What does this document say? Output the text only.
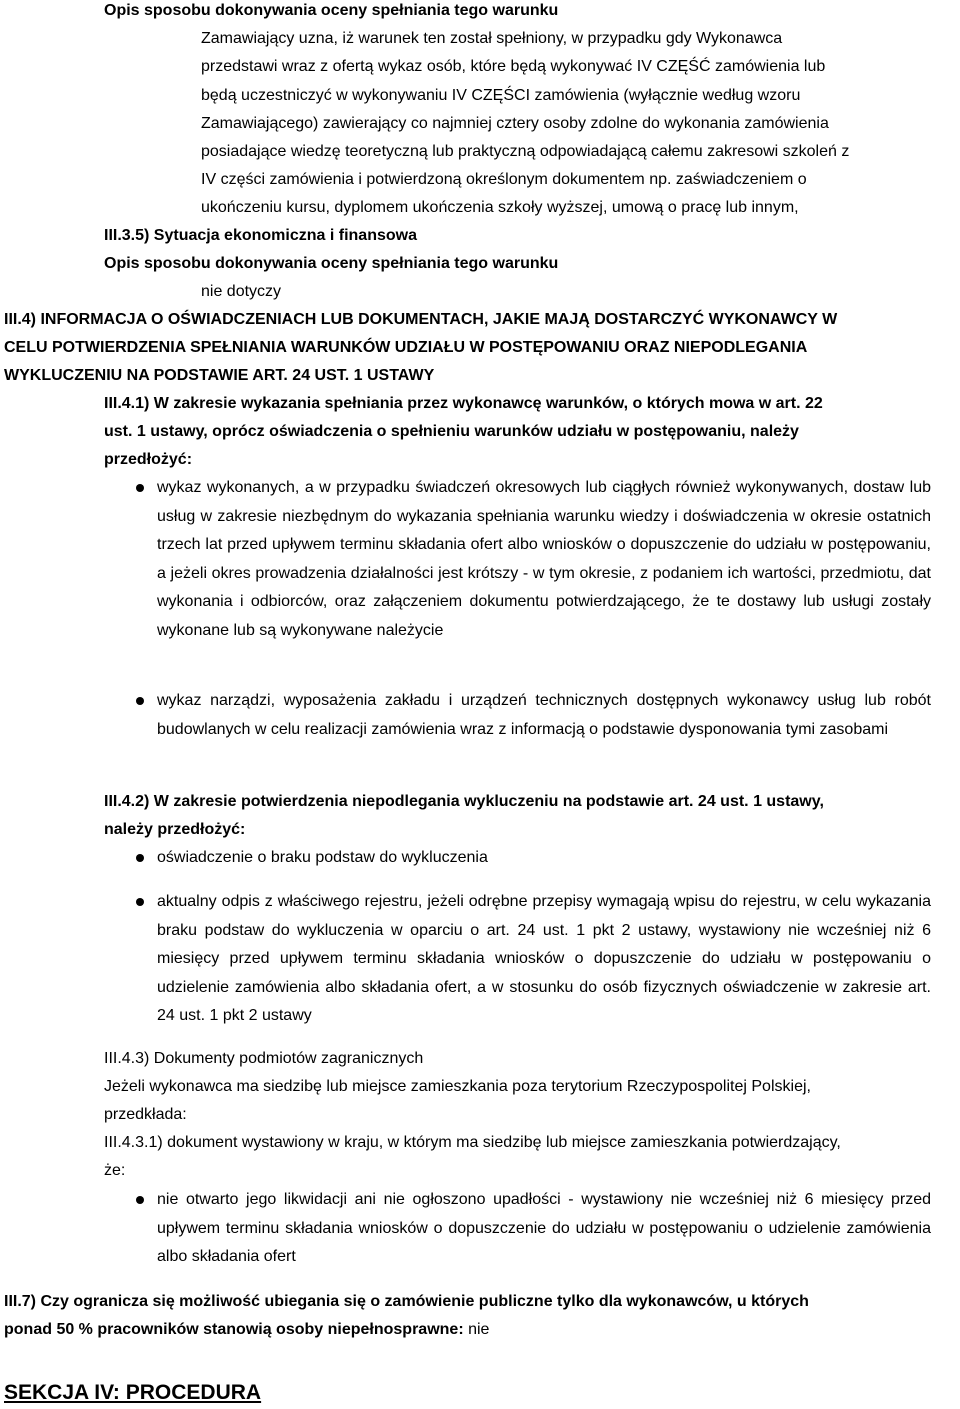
Opis sposobu dokonywania oceny spełniania tego warunku
Zamawiający uzna, iż warunek ten został spełniony, w przypadku gdy Wykonawca
przedstawi wraz z ofertą wykaz osób, które będą wykonywać IV CZĘŚĆ zamówienia lub
będą uczestniczyć w wykonywaniu IV CZĘŚCI zamówienia (wyłącznie według wzoru
Zamawiającego) zawierający co najmniej cztery osoby zdolne do wykonania zamówienia
posiadające wiedzę teoretyczną lub praktyczną odpowiadającą całemu zakresowi szkoleń z
IV części zamówienia i potwierdzoną określonym dokumentem np. zaświadczeniem o
ukończeniu kursu, dyplomem ukończenia szkoły wyższej, umową o pracę lub innym,
III.3.5) Sytuacja ekonomiczna i finansowa
Opis sposobu dokonywania oceny spełniania tego warunku
nie dotyczy
III.4) INFORMACJA O OŚWIADCZENIACH LUB DOKUMENTACH, JAKIE MAJĄ DOSTARCZYĆ WYKONAWCY W
CELU POTWIERDZENIA SPEŁNIANIA WARUNKÓW UDZIAŁU W POSTĘPOWANIU ORAZ NIEPODLEGANIA
WYKLUCZENIU NA PODSTAWIE ART. 24 UST. 1 USTAWY
III.4.1) W zakresie wykazania spełniania przez wykonawcę warunków, o których mowa w art. 22
ust. 1 ustawy, oprócz oświadczenia o spełnieniu warunków udziału w postępowaniu, należy
przedłożyć:
wykaz wykonanych, a w przypadku świadczeń okresowych lub ciągłych również wykonywanych, dostaw lub usług w zakresie niezbędnym do wykazania spełniania warunku wiedzy i doświadczenia w okresie ostatnich trzech lat przed upływem terminu składania ofert albo wniosków o dopuszczenie do udziału w postępowaniu, a jeżeli okres prowadzenia działalności jest krótszy - w tym okresie, z podaniem ich wartości, przedmiotu, dat wykonania i odbiorców, oraz załączeniem dokumentu potwierdzającego, że te dostawy lub usługi zostały wykonane lub są wykonywane należycie
wykaz narządzi, wyposażenia zakładu i urządzeń technicznych dostępnych wykonawcy usług lub robót budowlanych w celu realizacji zamówienia wraz z informacją o podstawie dysponowania tymi zasobami
III.4.2) W zakresie potwierdzenia niepodlegania wykluczeniu na podstawie art. 24 ust. 1 ustawy,
należy przedłożyć:
oświadczenie o braku podstaw do wykluczenia
aktualny odpis z właściwego rejestru, jeżeli odrębne przepisy wymagają wpisu do rejestru, w celu wykazania braku podstaw do wykluczenia w oparciu o art. 24 ust. 1 pkt 2 ustawy, wystawiony nie wcześniej niż 6 miesięcy przed upływem terminu składania wniosków o dopuszczenie do udziału w postępowaniu o udzielenie zamówienia albo składania ofert, a w stosunku do osób fizycznych oświadczenie w zakresie art. 24 ust. 1 pkt 2 ustawy
III.4.3) Dokumenty podmiotów zagranicznych
Jeżeli wykonawca ma siedzibę lub miejsce zamieszkania poza terytorium Rzeczypospolitej Polskiej,
przedkłada:
III.4.3.1) dokument wystawiony w kraju, w którym ma siedzibę lub miejsce zamieszkania potwierdzający,
że:
nie otwarto jego likwidacji ani nie ogłoszono upadłości - wystawiony nie wcześniej niż 6 miesięcy przed upływem terminu składania wniosków o dopuszczenie do udziału w postępowaniu o udzielenie zamówienia albo składania ofert
III.7) Czy ogranicza się możliwość ubiegania się o zamówienie publiczne tylko dla wykonawców, u których
ponad 50 % pracowników stanowią osoby niepełnosprawne: nie
SEKCJA IV: PROCEDURA
